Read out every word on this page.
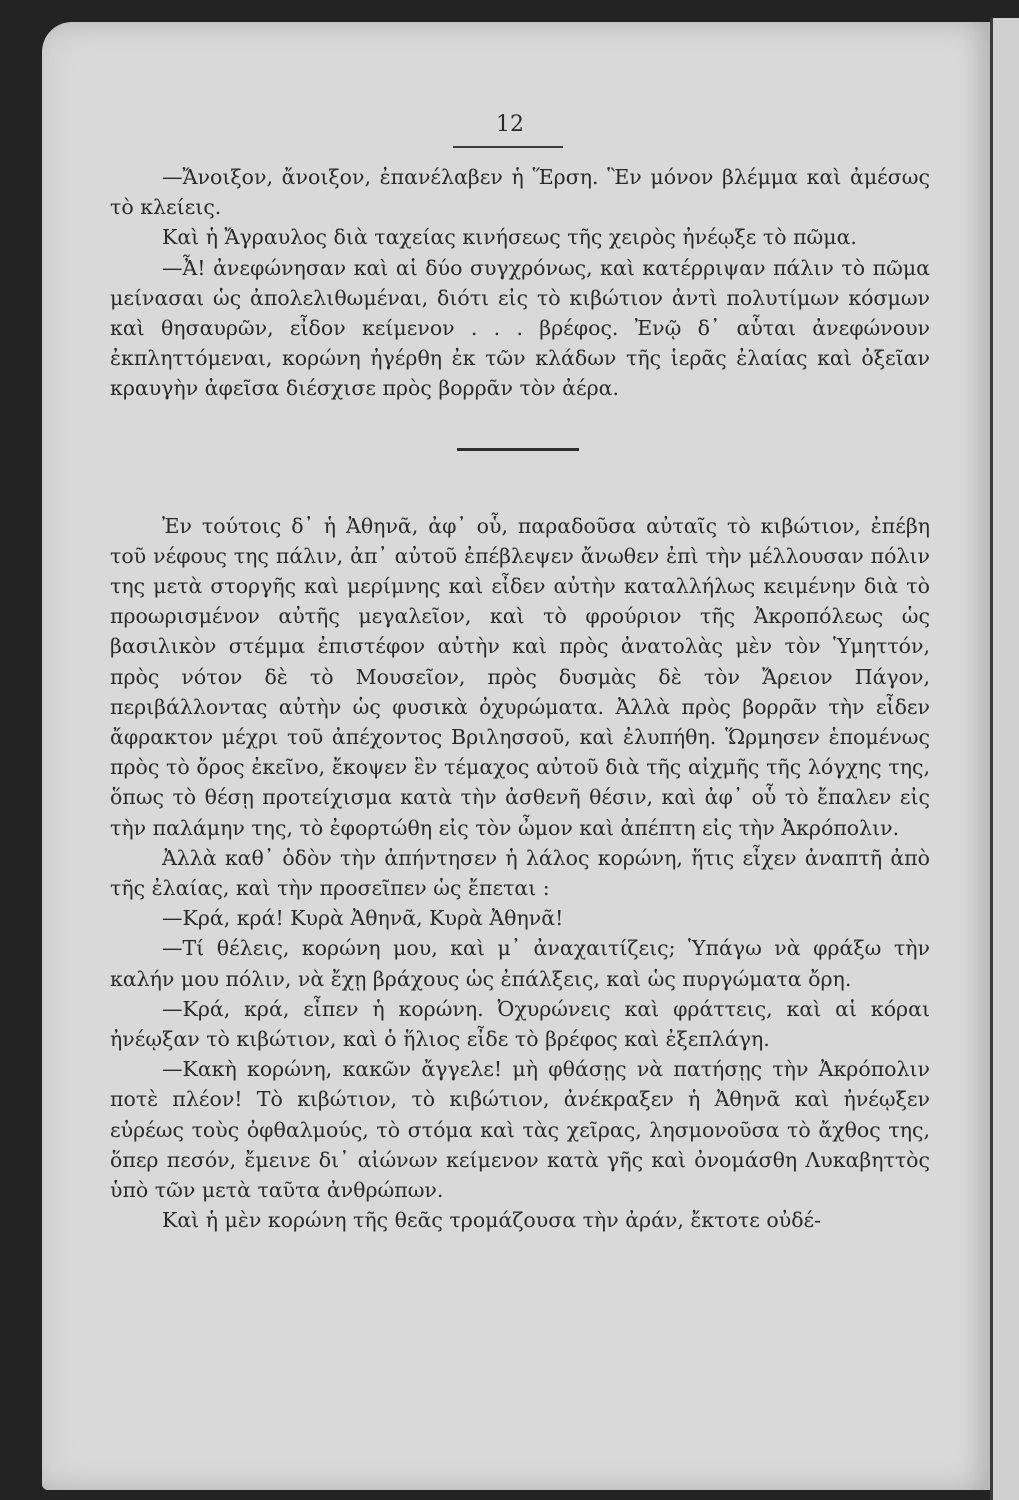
12

—Ἄνοιξον, ἄνοιξον, ἐπανέλαβεν ἡ Ἕρση. Ἓν μόνον βλέμμα καὶ ἀμέσως τὸ κλείεις.

Καὶ ἡ Ἄγραυλος διὰ ταχείας κινήσεως τῆς χειρὸς ἠνέῳξε τὸ πῶμα.

—Ἆ! ἀνεφώνησαν καὶ αἱ δύο συγχρόνως, καὶ κατέρριψαν πάλιν τὸ πῶμα μείνασαι ὡς ἀπολελιθωμέναι, διότι εἰς τὸ κιβώτιον ἀντὶ πολυτίμων κόσμων καὶ θησαυρῶν, εἶδον κείμενον . . . βρέφος. Ἐνῷ δ᾽ αὗται ἀνεφώνουν ἐκπληττόμεναι, κορώνη ἠγέρθη ἐκ τῶν κλάδων τῆς ἱερᾶς ἐλαίας καὶ ὀξεῖαν κραυγὴν ἀφεῖσα διέσχισε πρὸς βορρᾶν τὸν ἀέρα.

Ἐν τούτοις δ᾽ ἡ Ἀθηνᾶ, ἀφ᾽ οὗ, παραδοῦσα αὐταῖς τὸ κιβώτιον, ἐπέβη τοῦ νέφους της πάλιν, ἀπ᾽ αὐτοῦ ἐπέβλεψεν ἄνωθεν ἐπὶ τὴν μέλλουσαν πόλιν της μετὰ στοργῆς καὶ μερίμνης καὶ εἶδεν αὐτὴν καταλλήλως κειμένην διὰ τὸ προωρισμένον αὐτῆς μεγαλεῖον, καὶ τὸ φρούριον τῆς Ἀκροπόλεως ὡς βασιλικὸν στέμμα ἐπιστέφον αὐτὴν καὶ πρὸς ἀνατολὰς μὲν τὸν Ὑμηττόν, πρὸς νότον δὲ τὸ Μουσεῖον, πρὸς δυσμὰς δὲ τὸν Ἄρειον Πάγον, περιβάλλοντας αὐτὴν ὡς φυσικὰ ὀχυρώματα. Ἀλλὰ πρὸς βορρᾶν τὴν εἶδεν ἄφρακτον μέχρι τοῦ ἀπέχοντος Βριλησσοῦ, καὶ ἐλυπήθη. Ὥρμησεν ἑπομένως πρὸς τὸ ὄρος ἐκεῖνο, ἔκοψεν ἓν τέμαχος αὐτοῦ διὰ τῆς αἰχμῆς τῆς λόγχης της, ὅπως τὸ θέσῃ προτείχισμα κατὰ τὴν ἀσθενῆ θέσιν, καὶ ἀφ᾽ οὗ τὸ ἔπαλεν εἰς τὴν παλάμην της, τὸ ἐφορτώθη εἰς τὸν ὦμον καὶ ἀπέπτη εἰς τὴν Ἀκρόπολιν.

Ἀλλὰ καθ᾽ ὁδὸν τὴν ἀπήντησεν ἡ λάλος κορώνη, ἥτις εἶχεν ἀναπτῆ ἀπὸ τῆς ἐλαίας, καὶ τὴν προσεῖπεν ὡς ἔπεται :

—Κρά, κρά! Κυρὰ Ἀθηνᾶ, Κυρὰ Ἀθηνᾶ!

—Τί θέλεις, κορώνη μου, καὶ μ᾽ ἀναχαιτίζεις; Ὑπάγω νὰ φράξω τὴν καλήν μου πόλιν, νὰ ἔχῃ βράχους ὡς ἐπάλξεις, καὶ ὡς πυργώματα ὄρη.

—Κρά, κρά, εἶπεν ἡ κορώνη. Ὀχυρώνεις καὶ φράττεις, καὶ αἱ κόραι ἠνέῳξαν τὸ κιβώτιον, καὶ ὁ ἥλιος εἶδε τὸ βρέφος καὶ ἐξεπλάγη.

—Κακὴ κορώνη, κακῶν ἄγγελε! μὴ φθάσῃς νὰ πατήσῃς τὴν Ἀκρόπολιν ποτὲ πλέον! Τὸ κιβώτιον, τὸ κιβώτιον, ἀνέκραξεν ἡ Ἀθηνᾶ καὶ ἠνέῳξεν εὐρέως τοὺς ὀφθαλμούς, τὸ στόμα καὶ τὰς χεῖρας, λησμονοῦσα τὸ ἄχθος της, ὅπερ πεσόν, ἔμεινε δι᾽ αἰώνων κείμενον κατὰ γῆς καὶ ὀνομάσθη Λυκαβηττὸς ὑπὸ τῶν μετὰ ταῦτα ἀνθρώπων.

Καὶ ἡ μὲν κορώνη τῆς θεᾶς τρομάζουσα τὴν ἀράν, ἔκτοτε οὐδέ-
